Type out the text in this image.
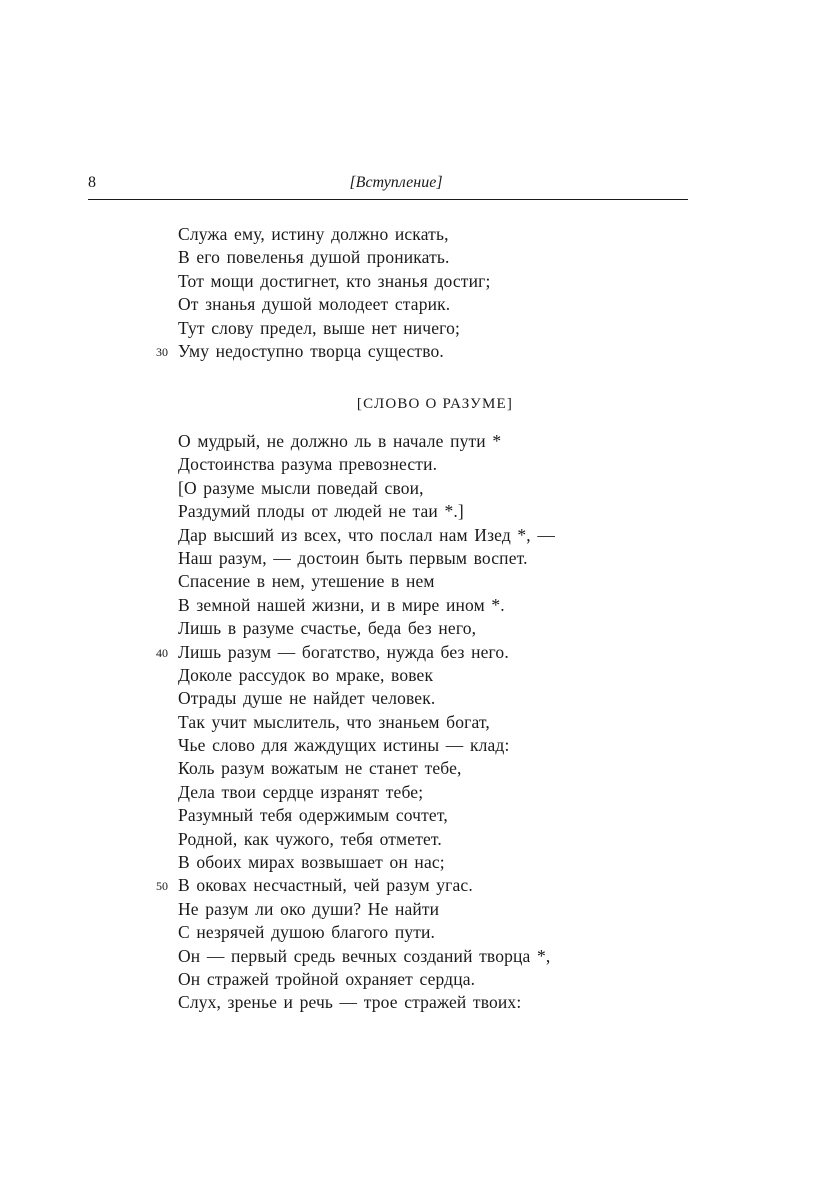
8	[Вступление]
Служа ему, истину должно искать,
В его повеленья душой проникать.
Тот мощи достигнет, кто знанья достиг;
От знанья душой молодеет старик.
Тут слову предел, выше нет ничего;
Уму недоступно творца существо.
30
[СЛОВО О РАЗУМЕ]
О мудрый, не должно ль в начале пути *
Достоинства разума превознести.
[О разуме мысли поведай свои,
Раздумий плоды от людей не таи *.]
Дар высший из всех, что послал нам Изед *, —
Наш разум, — достоин быть первым воспет.
Спасение в нем, утешение в нем
В земной нашей жизни, и в мире ином *.
Лишь в разуме счастье, беда без него,
Лишь разум — богатство, нужда без него.
40
Доколе рассудок во мраке, вовек
Отрады душе не найдет человек.
Так учит мыслитель, что знаньем богат,
Чье слово для жаждущих истины — клад:
Коль разум вожатым не станет тебе,
Дела твои сердце изранят тебе;
Разумный тебя одержимым сочтет,
Родной, как чужого, тебя отметет.
В обоих мирах возвышает он нас;
В оковах несчастный, чей разум угас.
50
Не разум ли око души? Не найти
С незрячей душою благого пути.
Он — первый средь вечных созданий творца *,
Он стражей тройной охраняет сердца.
Слух, зренье и речь — трое стражей твоих:
